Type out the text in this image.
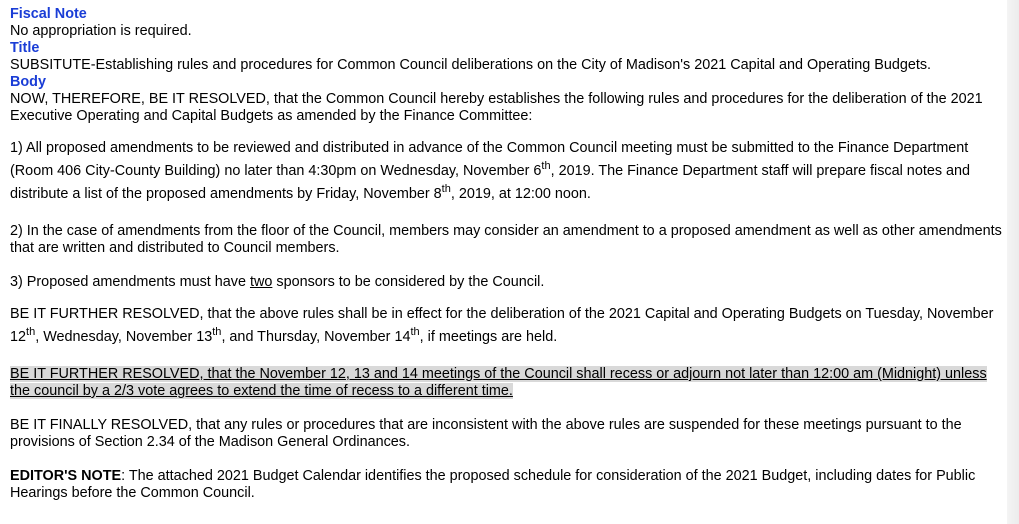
Fiscal Note
No appropriation is required.
Title
SUBSITUTE-Establishing rules and procedures for Common Council deliberations on the City of Madison's 2021 Capital and Operating Budgets.
Body
NOW, THEREFORE, BE IT RESOLVED, that the Common Council hereby establishes the following rules and procedures for the deliberation of the 2021 Executive Operating and Capital Budgets as amended by the Finance Committee:
1) All proposed amendments to be reviewed and distributed in advance of the Common Council meeting must be submitted to the Finance Department (Room 406 City-County Building) no later than 4:30pm on Wednesday, November 6th, 2019. The Finance Department staff will prepare fiscal notes and distribute a list of the proposed amendments by Friday, November 8th, 2019, at 12:00 noon.
2) In the case of amendments from the floor of the Council, members may consider an amendment to a proposed amendment as well as other amendments that are written and distributed to Council members.
3) Proposed amendments must have two sponsors to be considered by the Council.
BE IT FURTHER RESOLVED, that the above rules shall be in effect for the deliberation of the 2021 Capital and Operating Budgets on Tuesday, November 12th, Wednesday, November 13th, and Thursday, November 14th, if meetings are held.
BE IT FURTHER RESOLVED, that the November 12, 13 and 14 meetings of the Council shall recess or adjourn not later than 12:00 am (Midnight) unless the council by a 2/3 vote agrees to extend the time of recess to a different time.
BE IT FINALLY RESOLVED, that any rules or procedures that are inconsistent with the above rules are suspended for these meetings pursuant to the provisions of Section 2.34 of the Madison General Ordinances.
EDITOR'S NOTE: The attached 2021 Budget Calendar identifies the proposed schedule for consideration of the 2021 Budget, including dates for Public Hearings before the Common Council.
